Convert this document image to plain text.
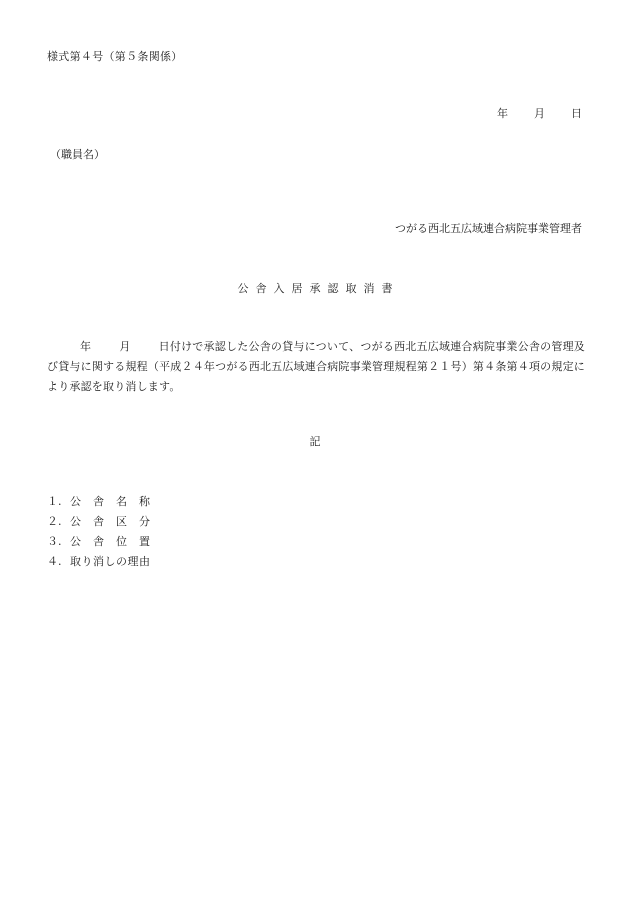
様式第４号（第５条関係）
年 月 日
（職員名）
つがる西北五広域連合病院事業管理者
公舎入居承認取消書
年	月	日付けで承認した公舎の貸与について、つがる西北五広域連合病院事業公舎の管理及び貸与に関する規程（平成２４年つがる西北五広域連合病院事業管理規程第２１号）第４条第４項の規定により承認を取り消します。
記
１. 公　舎　名　称
２. 公　舎　区　分
３. 公　舎　位　置
４. 取り消しの理由
